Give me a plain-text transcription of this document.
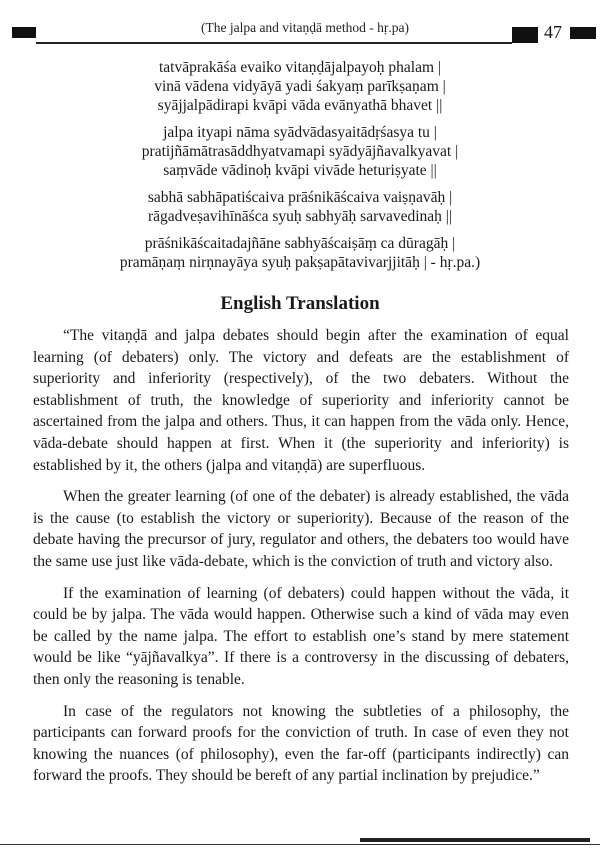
(The jalpa and vitaṇḍā method - hṛ.pa)	47
tatvāprakāśa evaiko vitaṇḍājalpayoḥ phalam |
vinā vādena vidyāyā yadi śakyaṃ parīkṣaṇam |
syājjalpādirapi kvāpi vāda evānyathā bhavet ||
jalpa ityapi nāma syādvādasyaitādṛśasya tu |
pratijñāmātrasāddhyatvamapi syādyājñavalkyavat |
saṃvāde vādinoḥ kvāpi vivāde heturiṣyate ||
sabhā sabhāpatiścaiva prāśnikāścaiva vaiṣṇavāḥ |
rāgadveṣavihīnāśca syuḥ sabhyāḥ sarvavedinaḥ ||
prāśnikāścaitadajñāne sabhyāścaiṣāṃ ca dūragāḥ |
pramāṇaṃ nirṇnayāya syuḥ pakṣapātavivarjjitāḥ | - hṛ.pa.)
English Translation

“The vitaṇḍā and jalpa debates should begin after the examination of equal learning (of debaters) only. The victory and defeats are the establishment of superiority and inferiority (respectively), of the two debaters. Without the establishment of truth, the knowledge of superiority and inferiority cannot be ascertained from the jalpa and others. Thus, it can happen from the vāda only. Hence, vāda-debate should happen at first. When it (the superiority and inferiority) is established by it, the others (jalpa and vitaṇḍā) are superfluous.

When the greater learning (of one of the debater) is already established, the vāda is the cause (to establish the victory or superiority). Because of the reason of the debate having the precursor of jury, regulator and others, the debaters too would have the same use just like vāda-debate, which is the conviction of truth and victory also.

If the examination of learning (of debaters) could happen without the vāda, it could be by jalpa. The vāda would happen. Otherwise such a kind of vāda may even be called by the name jalpa. The effort to establish one’s stand by mere statement would be like “yājñavalkya”. If there is a controversy in the discussing of debaters, then only the reasoning is tenable.

In case of the regulators not knowing the subtleties of a philosophy, the participants can forward proofs for the conviction of truth. In case of even they not knowing the nuances (of philosophy), even the far-off (participants indirectly) can forward the proofs. They should be bereft of any partial inclination by prejudice.”
